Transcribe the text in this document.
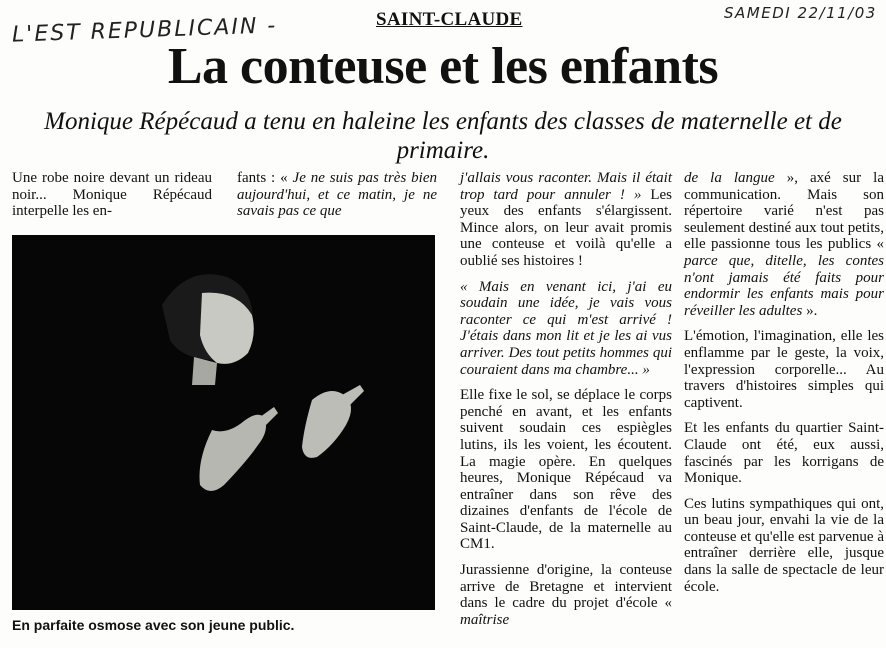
L'EST REPUBLICAIN -
SAMEDI 22/11/03
SAINT-CLAUDE
La conteuse et les enfants
Monique Répécaud a tenu en haleine les enfants des classes de maternelle et de primaire.

Une robe noire devant un rideau noir... Monique Répécaud interpelle les en-

En parfaite osmose avec son jeune public.

fants : « Je ne suis pas très bien aujourd'hui, et ce matin, je ne savais pas ce que

j'allais vous raconter. Mais il était trop tard pour annuler ! » Les yeux des enfants s'élargissent. Mince alors, on leur avait promis une conteuse et voilà qu'elle a oublié ses histoires !

« Mais en venant ici, j'ai eu soudain une idée, je vais vous raconter ce qui m'est arrivé ! J'étais dans mon lit et je les ai vus arriver. Des tout petits hommes qui couraient dans ma chambre... »

Elle fixe le sol, se déplace le corps penché en avant, et les enfants suivent soudain ces espiègles lutins, ils les voient, les écoutent. La magie opère. En quelques heures, Monique Répécaud va entraîner dans son rêve des dizaines d'enfants de l'école de Saint-Claude, de la maternelle au CM1.

Jurassienne d'origine, la conteuse arrive de Bretagne et intervient dans le cadre du projet d'école « maîtrise

de la langue », axé sur la communication. Mais son répertoire varié n'est pas seulement destiné aux tout petits, elle passionne tous les publics « parce que, ditelle, les contes n'ont jamais été faits pour endormir les enfants mais pour réveiller les adultes ».

L'émotion, l'imagination, elle les enflamme par le geste, la voix, l'expression corporelle... Au travers d'histoires simples qui captivent.

Et les enfants du quartier Saint-Claude ont été, eux aussi, fascinés par les korrigans de Monique.

Ces lutins sympathiques qui ont, un beau jour, envahi la vie de la conteuse et qu'elle est parvenue à entraîner derrière elle, jusque dans la salle de spectacle de leur école.
